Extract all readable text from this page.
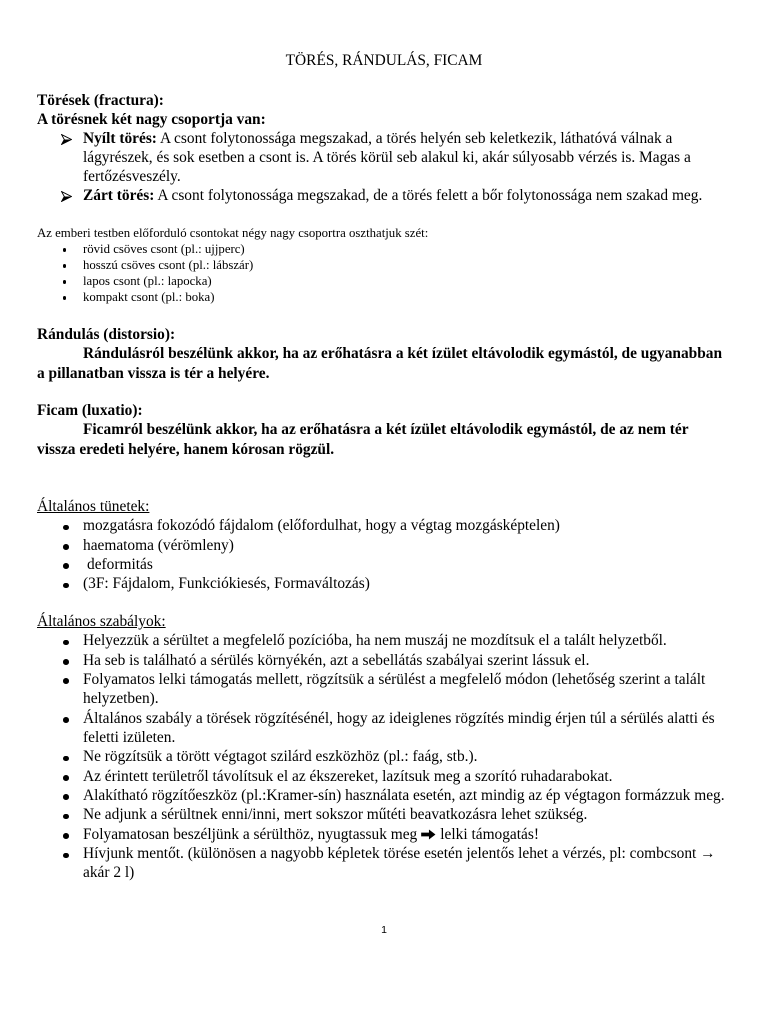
TÖRÉS, RÁNDULÁS, FICAM
Törések (fractura):
A törésnek két nagy csoportja van:
Nyílt törés: A csont folytonossága megszakad, a törés helyén seb keletkezik, láthatóvá válnak a
lágyrészek, és sok esetben a csont is. A törés körül seb alakul ki, akár súlyosabb vérzés is. Magas a
fertőzésveszély.
Zárt törés: A csont folytonossága megszakad, de a törés felett a bőr folytonossága nem szakad meg.
Az emberi testben előforduló csontokat négy nagy csoportra oszthatjuk szét:
rövid csöves csont (pl.: ujjperc)
hosszú csöves csont (pl.: lábszár)
lapos csont (pl.: lapocka)
kompakt csont (pl.: boka)
Rándulás (distorsio):
Rándulásról beszélünk akkor, ha az erőhatásra a két ízület eltávolodik egymástól, de ugyanabban
a pillanatban vissza is tér a helyére.
Ficam (luxatio):
Ficamról beszélünk akkor, ha az erőhatásra a két ízület eltávolodik egymástól, de az nem tér
vissza eredeti helyére, hanem kórosan rögzül.
Általános tünetek:
mozgatásra fokozódó fájdalom (előfordulhat, hogy a végtag mozgásképtelen)
haematoma (vérömleny)
deformitás
(3F: Fájdalom, Funkciókiesés, Formaváltozás)
Általános szabályok:
Helyezzük a sérültet a megfelelő pozícióba, ha nem muszáj ne mozdítsuk el a talált helyzetből.
Ha seb is található a sérülés környékén, azt a sebellátás szabályai szerint lássuk el.
Folyamatos lelki támogatás mellett, rögzítsük a sérülést a megfelelő módon (lehetőség szerint a talált
helyzetben).
Általános szabály a törések rögzítésénél, hogy az ideiglenes rögzítés mindig érjen túl a sérülés alatti és
feletti izületen.
Ne rögzítsük a törött végtagot szilárd eszközhöz (pl.: faág, stb.).
Az érintett területről távolítsuk el az ékszereket, lazítsuk meg a szorító ruhadarabokat.
Alakítható rögzítőeszköz (pl.:Kramer-sín) használata esetén, azt mindig az ép végtagon formázzuk meg.
Ne adjunk a sérültnek enni/inni, mert sokszor műtéti beavatkozásra lehet szükség.
Folyamatosan beszéljünk a sérülthöz, nyugtassuk meg lelki támogatás!
Hívjunk mentőt. (különösen a nagyobb képletek törése esetén jelentős lehet a vérzés, pl: combcsont →
akár 2 l)
1
